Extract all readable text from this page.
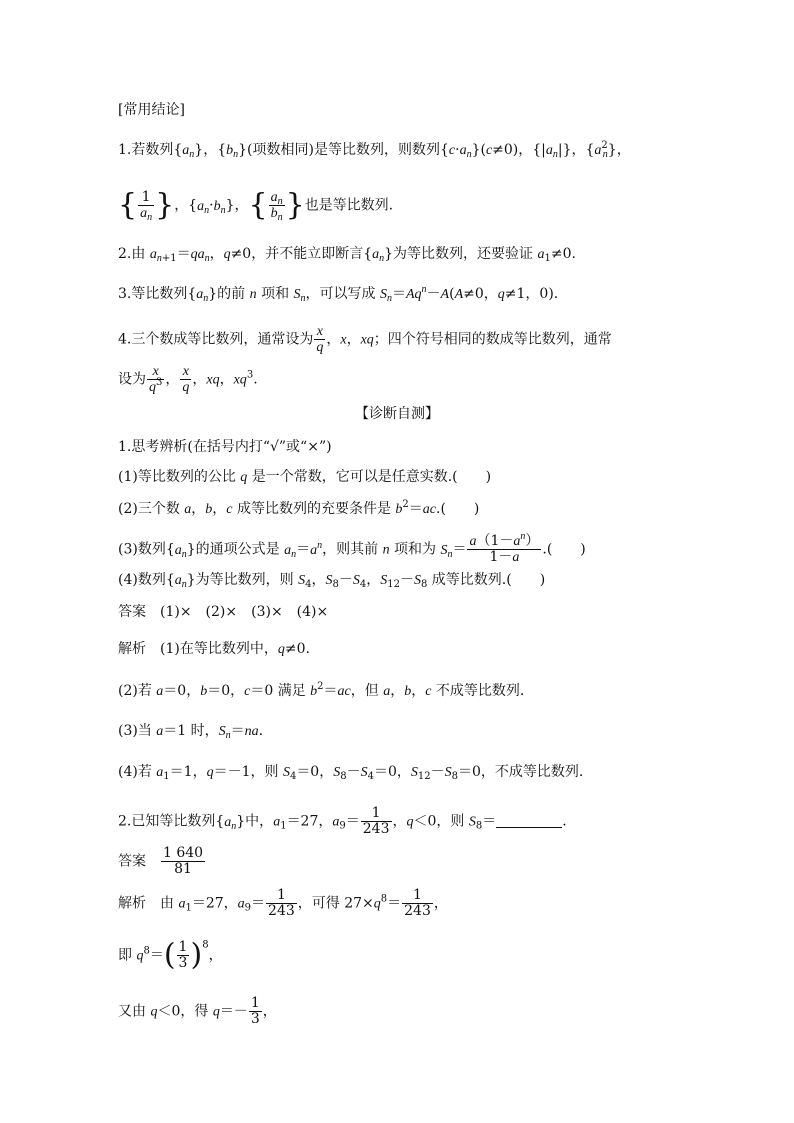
[常用结论]
1.若数列$\{a_n\}$，$\{b_n\}$(项数相同)是等比数列，则数列$\{c\cdot a_n\}(c\ne 0)$，$\{|a_n|\}$，$\{a^2_n\}$，
{ $\frac{1}{a_n}$ }，$\{a_n\cdot b_n\}$，{ $\frac{a_n}{b_n}$ }也是等比数列.
2.由 $a_{n+1}=qa_n$，q≠0，并不能立即断言$\{a_n\}$为等比数列，还要验证 $a_1\ne 0$.
3.等比数列$\{a_n\}$的前 n 项和 $S_n$，可以写成 $S_n=Aq^n-A(A\ne 0$，q≠1，0).
4.三个数成等比数列，通常设为 $\frac{x}{q}$ ，x，xq；四个符号相同的数成等比数列，通常
设为 $\frac{x}{q^3}$ ， $\frac{x}{q}$ ，xq，$xq^3$.
【诊断自测】
1.思考辨析(在括号内打“√”或“×”)
(1)等比数列的公比 q 是一个常数，它可以是任意实数.(　　)
(2)三个数 a，b，c 成等比数列的充要条件是 $b^2=ac$.(　　)
(3)数列$\{a_n\}$的通项公式是 $a_n=a^n$，则其前 n 项和为 $S_n= \frac{a(1-a^n)}{1-a}$ .(　　)
(4)数列$\{a_n\}$为等比数列，则 $S_4$，$S_8-S_4$，$S_{12}-S_8$ 成等比数列.(　　)
答案 (1)×　(2)×　(3)×　(4)×
解析 (1)在等比数列中，q≠0.
(2)若 a＝0，b＝0，c＝0 满足 $b^2=ac$，但 a，b，c 不成等比数列.
(3)当 a＝1 时，$S_n=na$.
(4)若 $a_1=1$，q＝－1，则 $S_4=0$，$S_8-S_4=0$，$S_{12}-S_8=0$，不成等比数列.
2.已知等比数列$\{a_n\}$中，$a_1=27$，$a_9= \frac{1}{243}$ ，q＜0，则 $S_8=$	.
答案 $\frac{1 640}{81}$
解析 由 $a_1=27$，$a_9= \frac{1}{243}$ ，可得 $27\times q^8= \frac{1}{243}$ ，
即 $q^8=( \frac{1}{3} )^8$，
又由 q＜0，得 $q=- \frac{1}{3}$ ，
